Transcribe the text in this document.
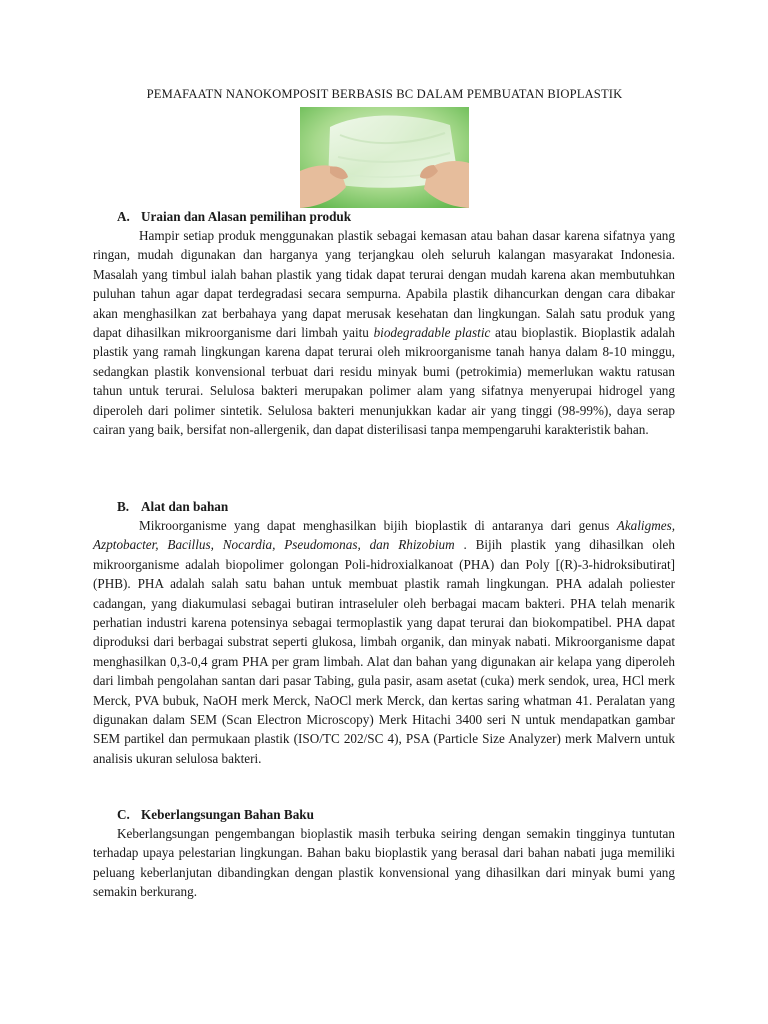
PEMAFAATN NANOKOMPOSIT BERBASIS BC DALAM PEMBUATAN BIOPLASTIK
A. Uraian dan Alasan pemilihan produk

Hampir setiap produk menggunakan plastik sebagai kemasan atau bahan dasar karena sifatnya yang ringan, mudah digunakan dan harganya yang terjangkau oleh seluruh kalangan masyarakat Indonesia. Masalah yang timbul ialah bahan plastik yang tidak dapat terurai dengan mudah karena akan membutuhkan puluhan tahun agar dapat terdegradasi secara sempurna. Apabila plastik dihancurkan dengan cara dibakar akan menghasilkan zat berbahaya yang dapat merusak kesehatan dan lingkungan. Salah satu produk yang dapat dihasilkan mikroorganisme dari limbah yaitu biodegradable plastic atau bioplastik. Bioplastik adalah plastik yang ramah lingkungan karena dapat terurai oleh mikroorganisme tanah hanya dalam 8-10 minggu, sedangkan plastik konvensional terbuat dari residu minyak bumi (petrokimia) memerlukan waktu ratusan tahun untuk terurai. Selulosa bakteri merupakan polimer alam yang sifatnya menyerupai hidrogel yang diperoleh dari polimer sintetik. Selulosa bakteri menunjukkan kadar air yang tinggi (98-99%), daya serap cairan yang baik, bersifat non-allergenik, dan dapat disterilisasi tanpa mempengaruhi karakteristik bahan.

B. Alat dan bahan

Mikroorganisme yang dapat menghasilkan bijih bioplastik di antaranya dari genus Akaligmes, Azptobacter, Bacillus, Nocardia, Pseudomonas, dan Rhizobium . Bijih plastik yang dihasilkan oleh mikroorganisme adalah biopolimer golongan Poli-hidroxialkanoat (PHA) dan Poly [(R)-3-hidroksibutirat] (PHB). PHA adalah salah satu bahan untuk membuat plastik ramah lingkungan. PHA adalah poliester cadangan, yang diakumulasi sebagai butiran intraseluler oleh berbagai macam bakteri. PHA telah menarik perhatian industri karena potensinya sebagai termoplastik yang dapat terurai dan biokompatibel. PHA dapat diproduksi dari berbagai substrat seperti glukosa, limbah organik, dan minyak nabati. Mikroorganisme dapat menghasilkan 0,3-0,4 gram PHA per gram limbah. Alat dan bahan yang digunakan air kelapa yang diperoleh dari limbah pengolahan santan dari pasar Tabing, gula pasir, asam asetat (cuka) merk sendok, urea, HCl merk Merck, PVA bubuk, NaOH merk Merck, NaOCl merk Merck, dan kertas saring whatman 41. Peralatan yang digunakan dalam SEM (Scan Electron Microscopy) Merk Hitachi 3400 seri N untuk mendapatkan gambar SEM partikel dan permukaan plastik (ISO/TC 202/SC 4), PSA (Particle Size Analyzer) merk Malvern untuk analisis ukuran selulosa bakteri.

C. Keberlangsungan Bahan Baku

Keberlangsungan pengembangan bioplastik masih terbuka seiring dengan semakin tingginya tuntutan terhadap upaya pelestarian lingkungan. Bahan baku bioplastik yang berasal dari bahan nabati juga memiliki peluang keberlanjutan dibandingkan dengan plastik konvensional yang dihasilkan dari minyak bumi yang semakin berkurang.
